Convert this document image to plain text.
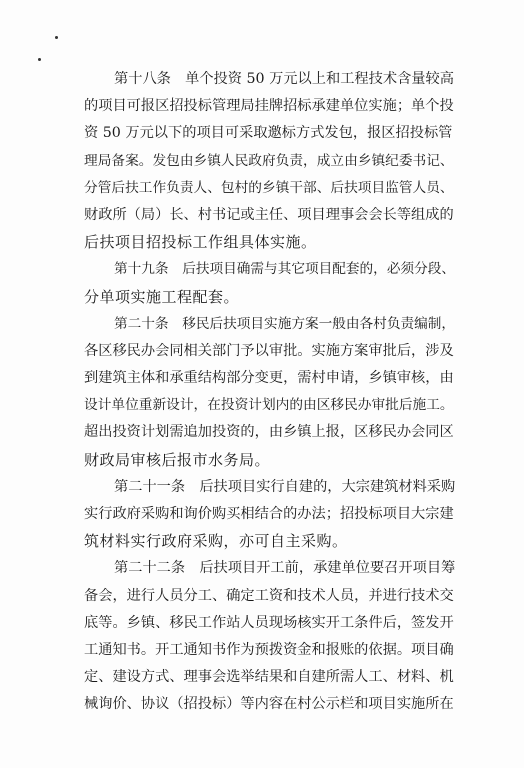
第十八条　单个投资 50 万元以上和工程技术含量较高
的项目可报区招投标管理局挂牌招标承建单位实施；单个投
资 50 万元以下的项目可采取邀标方式发包，报区招投标管
理局备案。发包由乡镇人民政府负责，成立由乡镇纪委书记、
分管后扶工作负责人、包村的乡镇干部、后扶项目监管人员、
财政所（局）长、村书记或主任、项目理事会会长等组成的
后扶项目招投标工作组具体实施。
第十九条　后扶项目确需与其它项目配套的，必须分段、
分单项实施工程配套。
第二十条　移民后扶项目实施方案一般由各村负责编制，
各区移民办会同相关部门予以审批。实施方案审批后，涉及
到建筑主体和承重结构部分变更，需村申请，乡镇审核，由
设计单位重新设计，在投资计划内的由区移民办审批后施工。
超出投资计划需追加投资的，由乡镇上报，区移民办会同区
财政局审核后报市水务局。
第二十一条　后扶项目实行自建的，大宗建筑材料采购
实行政府采购和询价购买相结合的办法；招投标项目大宗建
筑材料实行政府采购，亦可自主采购。
第二十二条　后扶项目开工前，承建单位要召开项目筹
备会，进行人员分工、确定工资和技术人员，并进行技术交
底等。乡镇、移民工作站人员现场核实开工条件后，签发开
工通知书。开工通知书作为预拨资金和报账的依据。项目确
定、建设方式、理事会选举结果和自建所需人工、材料、机
械询价、协议（招投标）等内容在村公示栏和项目实施所在
